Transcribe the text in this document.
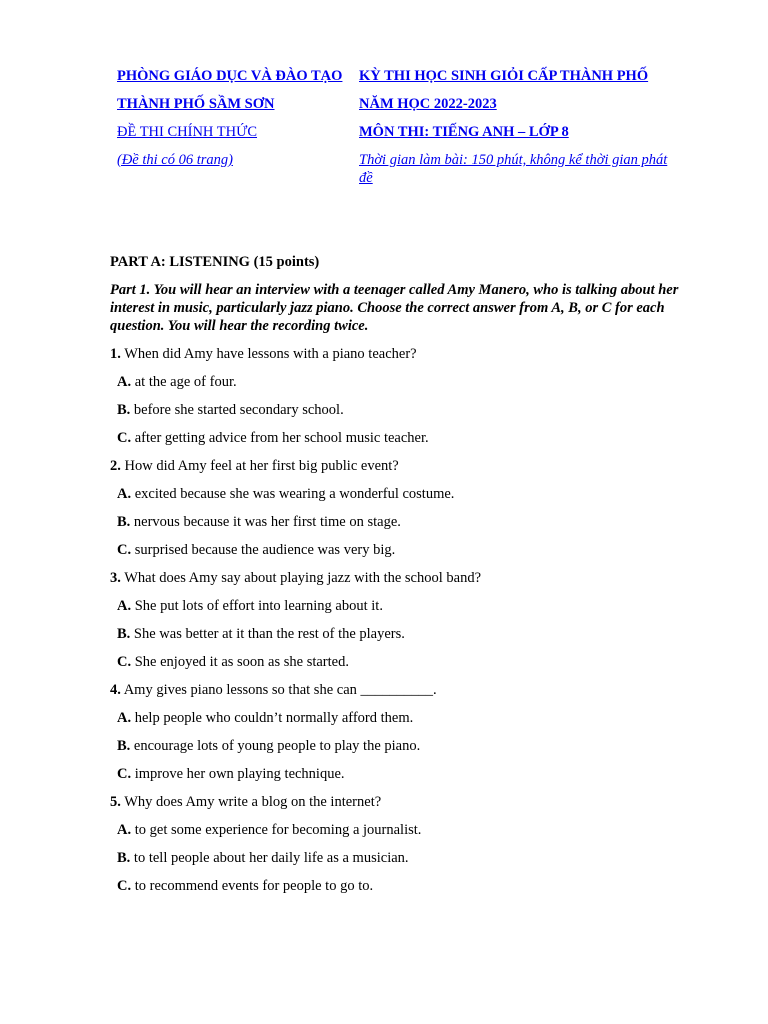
PHÒNG GIÁO DỤC VÀ ĐÀO TẠO
THÀNH PHỐ SẦM SƠN
ĐỀ THI CHÍNH THỨC
(Đề thi có 06 trang)
KỲ THI HỌC SINH GIỎI CẤP THÀNH PHỐ
NĂM HỌC 2022-2023
MÔN THI: TIẾNG ANH – LỚP 8
Thời gian làm bài: 150 phút, không kể thời gian phát đề

PART A: LISTENING (15 points)

Part 1. You will hear an interview with a teenager called Amy Manero, who is talking about her interest in music, particularly jazz piano. Choose the correct answer from A, B, or C for each question. You will hear the recording twice.

1. When did Amy have lessons with a piano teacher?

A. at the age of four.

B. before she started secondary school.

C. after getting advice from her school music teacher.

2. How did Amy feel at her first big public event?

A. excited because she was wearing a wonderful costume.

B. nervous because it was her first time on stage.

C. surprised because the audience was very big.

3. What does Amy say about playing jazz with the school band?

A. She put lots of effort into learning about it.

B. She was better at it than the rest of the players.

C. She enjoyed it as soon as she started.

4. Amy gives piano lessons so that she can __________.

A. help people who couldn’t normally afford them.

B. encourage lots of young people to play the piano.

C. improve her own playing technique.

5. Why does Amy write a blog on the internet?

A. to get some experience for becoming a journalist.

B. to tell people about her daily life as a musician.

C. to recommend events for people to go to.
